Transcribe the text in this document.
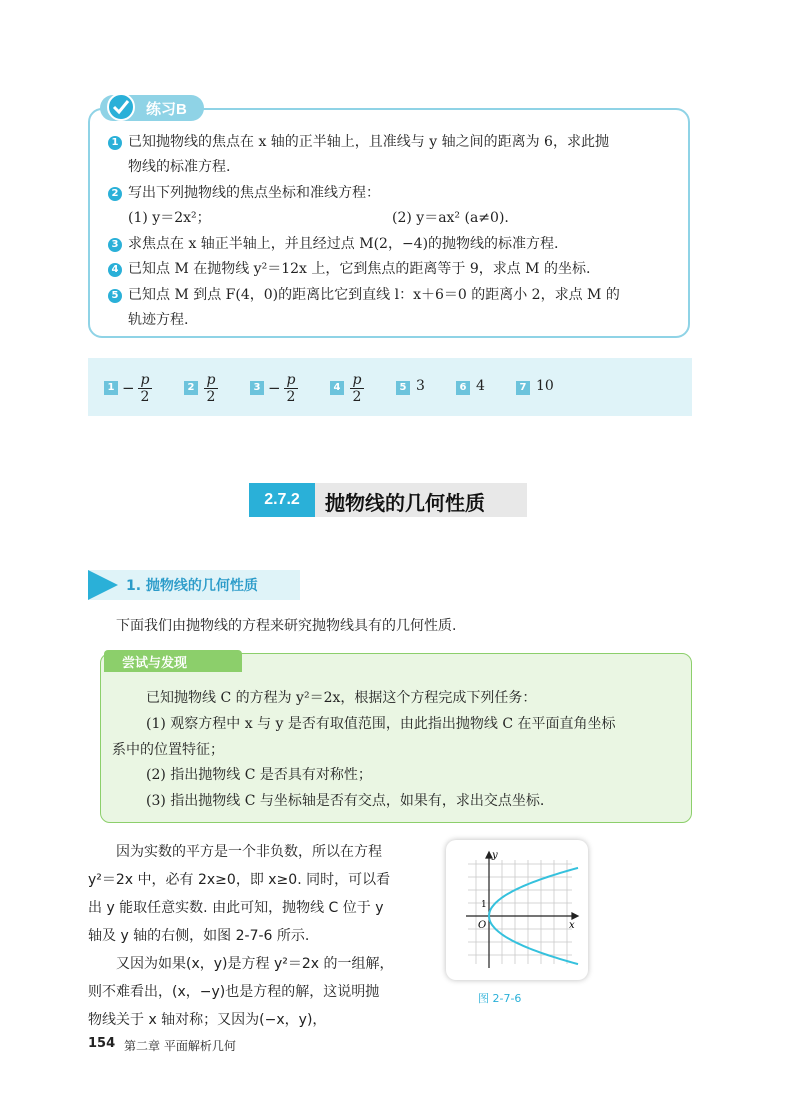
练习B
1 已知抛物线的焦点在 x 轴的正半轴上，且准线与 y 轴之间的距离为 6，求此抛
物线的标准方程.
2 写出下列抛物线的焦点坐标和准线方程：
(1) y＝2x²；	(2) y＝ax² (a≠0).
3 求焦点在 x 轴正半轴上，并且经过点 M(2，−4)的抛物线的标准方程.
4 已知点 M 在抛物线 y²＝12x 上，它到焦点的距离等于 9，求点 M 的坐标.
5 已知点 M 到点 F(4，0)的距离比它到直线 l：x＋6＝0 的距离小 2，求点 M 的
轨迹方程.
1 − p
2
2 p
2
3 − p
2
4 p
2
5 3	6 4	7 10
2.7.2	抛物线的几何性质
1. 抛物线的几何性质
下面我们由抛物线的方程来研究抛物线具有的几何性质.
尝试与发现
已知抛物线 C 的方程为 y²＝2x，根据这个方程完成下列任务：
(1) 观察方程中 x 与 y 是否有取值范围，由此指出抛物线 C 在平面直角坐标
系中的位置特征；
(2) 指出抛物线 C 是否具有对称性；
(3) 指出抛物线 C 与坐标轴是否有交点，如果有，求出交点坐标.
因为实数的平方是一个非负数，所以在方程
y²＝2x 中，必有 2x≥0，即 x≥0. 同时，可以看
出 y 能取任意实数. 由此可知，抛物线 C 位于 y
轴及 y 轴的右侧，如图 2-7-6 所示.
又因为如果(x，y)是方程 y²＝2x 的一组解，
则不难看出，(x，−y)也是方程的解，这说明抛
物线关于 x 轴对称；又因为(−x，y)，
y
x
O
1
图 2-7-6
154 第二章 平面解析几何
